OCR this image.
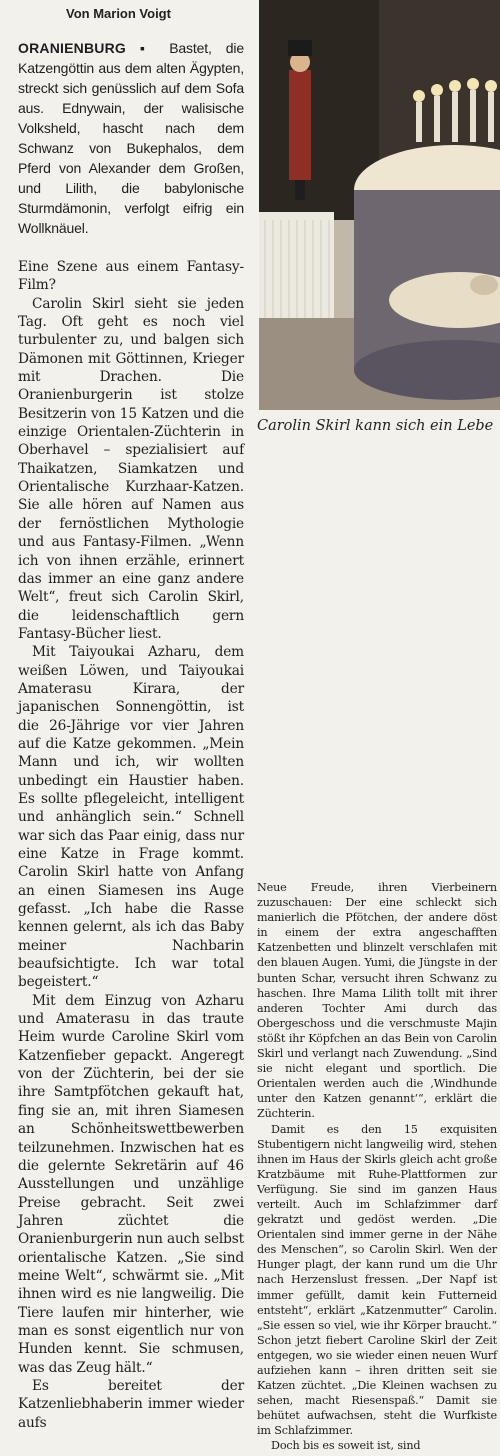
Von Marion Voigt
Carolin Skirl kann sich ein Lebe

ORANIENBURG ▪ Bastet, die Katzengöttin aus dem alten Ägypten, streckt sich genüsslich auf dem Sofa aus. Ednywain, der walisische Volksheld, hascht nach dem Schwanz von Bukephalos, dem Pferd von Alexander dem Großen, und Lilith, die babylonische Sturmdämonin, verfolgt eifrig ein Wollknäuel.

Eine Szene aus einem Fantasy-Film?

Carolin Skirl sieht sie jeden Tag. Oft geht es noch viel turbulenter zu, und balgen sich Dämonen mit Göttinnen, Krieger mit Drachen. Die Oranienburgerin ist stolze Besitzerin von 15 Katzen und die einzige Orientalen-Züchterin in Oberhavel – spezialisiert auf Thaikatzen, Siamkatzen und Orientalische Kurzhaar-Katzen. Sie alle hören auf Namen aus der fernöstlichen Mythologie und aus Fantasy-Filmen. „Wenn ich von ihnen erzähle, erinnert das immer an eine ganz andere Welt“, freut sich Carolin Skirl, die leidenschaftlich gern Fantasy-Bücher liest.

Mit Taiyoukai Azharu, dem weißen Löwen, und Taiyoukai Amaterasu Kirara, der japanischen Sonnengöttin, ist die 26-Jährige vor vier Jahren auf die Katze gekommen. „Mein Mann und ich, wir wollten unbedingt ein Haustier haben. Es sollte pflegeleicht, intelligent und anhänglich sein.“ Schnell war sich das Paar einig, dass nur eine Katze in Frage kommt. Carolin Skirl hatte von Anfang an einen Siamesen ins Auge gefasst. „Ich habe die Rasse kennen gelernt, als ich das Baby meiner Nachbarin beaufsichtigte. Ich war total begeistert.“

Mit dem Einzug von Azharu und Amaterasu in das traute Heim wurde Caroline Skirl vom Katzenfieber gepackt. Angeregt von der Züchterin, bei der sie ihre Samtpfötchen gekauft hat, fing sie an, mit ihren Siamesen an Schönheitswettbewerben teilzunehmen. Inzwischen hat es die gelernte Sekretärin auf 46 Ausstellungen und unzählige Preise gebracht. Seit zwei Jahren züchtet die Oranienburgerin nun auch selbst orientalische Katzen. „Sie sind meine Welt“, schwärmt sie. „Mit ihnen wird es nie langweilig. Die Tiere laufen mir hinterher, wie man es sonst eigentlich nur von Hunden kennt. Sie schmusen, was das Zeug hält.“

Es bereitet der Katzenliebhaberin immer wieder aufs

Neue Freude, ihren Vierbeinern zuzuschauen: Der eine schleckt sich manierlich die Pfötchen, der andere döst in einem der extra angeschafften Katzenbetten und blinzelt verschlafen mit den blauen Augen. Yumi, die Jüngste in der bunten Schar, versucht ihren Schwanz zu haschen. Ihre Mama Lilith tollt mit ihrer anderen Tochter Ami durch das Obergeschoss und die verschmuste Majin stößt ihr Köpfchen an das Bein von Carolin Skirl und verlangt nach Zuwendung. „Sind sie nicht elegant und sportlich. Die Orientalen werden auch die ‚Windhunde unter den Katzen genannt‘“, erklärt die Züchterin.

Damit es den 15 exquisiten Stubentigern nicht langweilig wird, stehen ihnen im Haus der Skirls gleich acht große Kratzbäume mit Ruhe-Plattformen zur Verfügung. Sie sind im ganzen Haus verteilt. Auch im Schlafzimmer darf gekratzt und gedöst werden. „Die Orientalen sind immer gerne in der Nähe des Menschen“, so Carolin Skirl. Wen der Hunger plagt, der kann rund um die Uhr nach Herzenslust fressen. „Der Napf ist immer gefüllt, damit kein Futterneid entsteht“, erklärt „Katzenmutter“ Carolin. „Sie essen so viel, wie ihr Körper braucht.“ Schon jetzt fiebert Caroline Skirl der Zeit entgegen, wo sie wieder einen neuen Wurf aufziehen kann – ihren dritten seit sie Katzen züchtet. „Die Kleinen wachsen zu sehen, macht Riesenspaß.“ Damit sie behütet aufwachsen, steht die Wurfkiste im Schlafzimmer.

Doch bis es soweit ist, sind
